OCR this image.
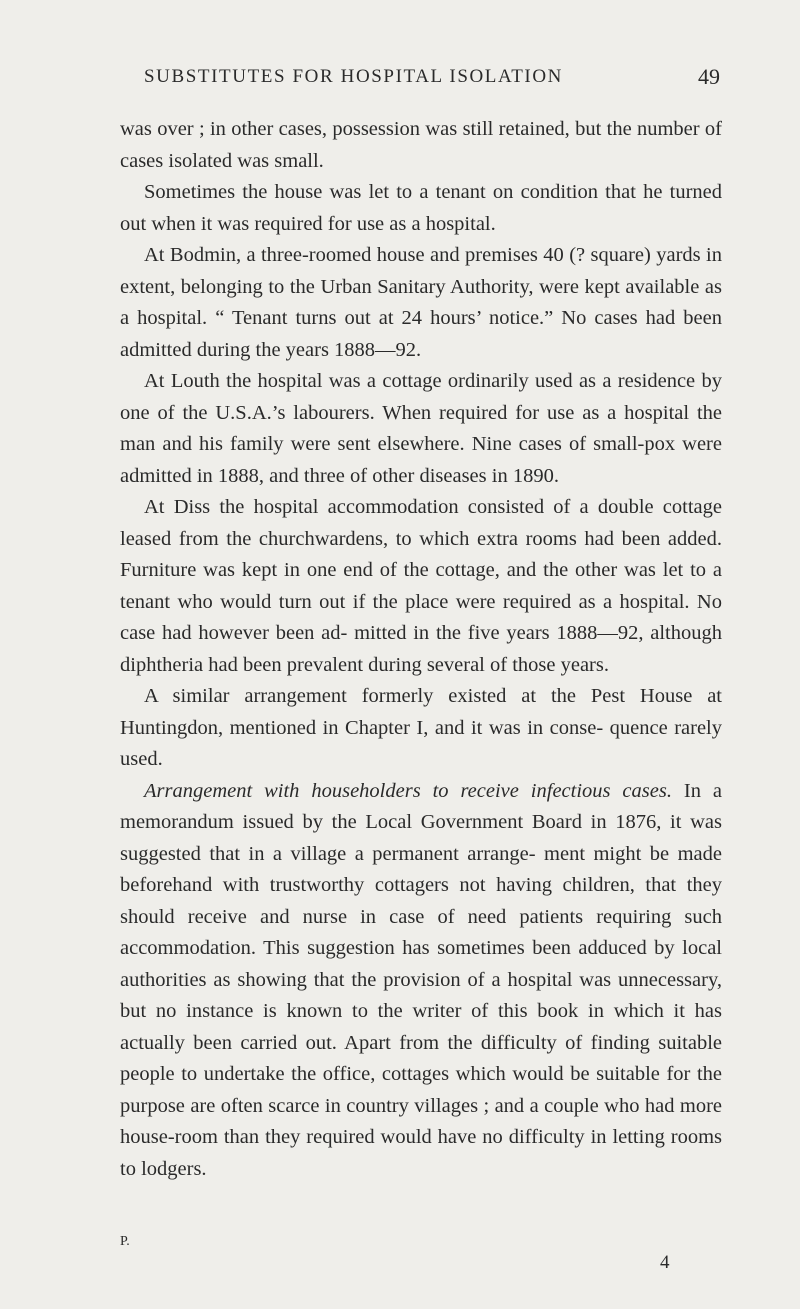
SUBSTITUTES FOR HOSPITAL ISOLATION	49

was over ; in other cases, possession was still retained, but the number of cases isolated was small.

Sometimes the house was let to a tenant on condition that he turned out when it was required for use as a hospital.

At Bodmin, a three-roomed house and premises 40 (? square) yards in extent, belonging to the Urban Sanitary Authority, were kept available as a hospital. “ Tenant turns out at 24 hours’ notice.” No cases had been admitted during the years 1888—92.

At Louth the hospital was a cottage ordinarily used as a residence by one of the U.S.A.’s labourers. When required for use as a hospital the man and his family were sent elsewhere. Nine cases of small-pox were admitted in 1888, and three of other diseases in 1890.

At Diss the hospital accommodation consisted of a double cottage leased from the churchwardens, to which extra rooms had been added. Furniture was kept in one end of the cottage, and the other was let to a tenant who would turn out if the place were required as a hospital. No case had however been ad- mitted in the five years 1888—92, although diphtheria had been prevalent during several of those years.

A similar arrangement formerly existed at the Pest House at Huntingdon, mentioned in Chapter I, and it was in conse- quence rarely used.

Arrangement with householders to receive infectious cases. In a memorandum issued by the Local Government Board in 1876, it was suggested that in a village a permanent arrange- ment might be made beforehand with trustworthy cottagers not having children, that they should receive and nurse in case of need patients requiring such accommodation. This suggestion has sometimes been adduced by local authorities as showing that the provision of a hospital was unnecessary, but no instance is known to the writer of this book in which it has actually been carried out. Apart from the difficulty of finding suitable people to undertake the office, cottages which would be suitable for the purpose are often scarce in country villages ; and a couple who had more house-room than they required would have no difficulty in letting rooms to lodgers.

P.
4
